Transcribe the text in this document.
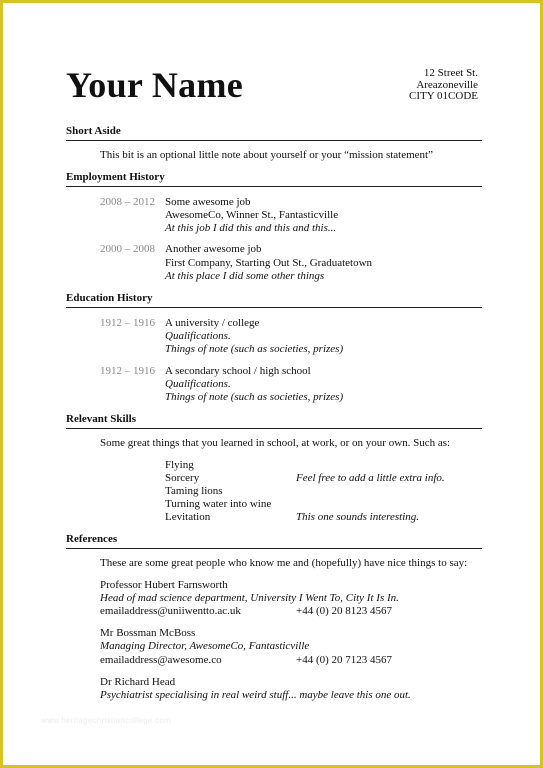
Your Name	12 Street St.
Areazoneville
CITY 01CODE
Short Aside
This bit is an optional little note about yourself or your “mission statement”
Employment History
2008 – 2012 Some awesome job
AwesomeCo, Winner St., Fantasticville
At this job I did this and this and this...
2000 – 2008 Another awesome job
First Company, Starting Out St., Graduatetown
At this place I did some other things
Education History
1912 – 1916 A university / college
Qualifications.
Things of note (such as societies, prizes)
1912 – 1916 A secondary school / high school
Qualifications.
Things of note (such as societies, prizes)
Relevant Skills
Some great things that you learned in school, at work, or on your own. Such as:
Flying
Sorcery	Feel free to add a little extra info.
Taming lions
Turning water into wine
Levitation	This one sounds interesting.
References
These are some great people who know me and (hopefully) have nice things to say:
Professor Hubert Farnsworth
Head of mad science department, University I Went To, City It Is In.
emailaddress@uniiwentto.ac.uk	+44 (0) 20 8123 4567
Mr Bossman McBoss
Managing Director, AwesomeCo, Fantasticville
emailaddress@awesome.co	+44 (0) 20 7123 4567
Dr Richard Head
Psychiatrist specialising in real weird stuff... maybe leave this one out.
www.heritagechristiancollege.com
